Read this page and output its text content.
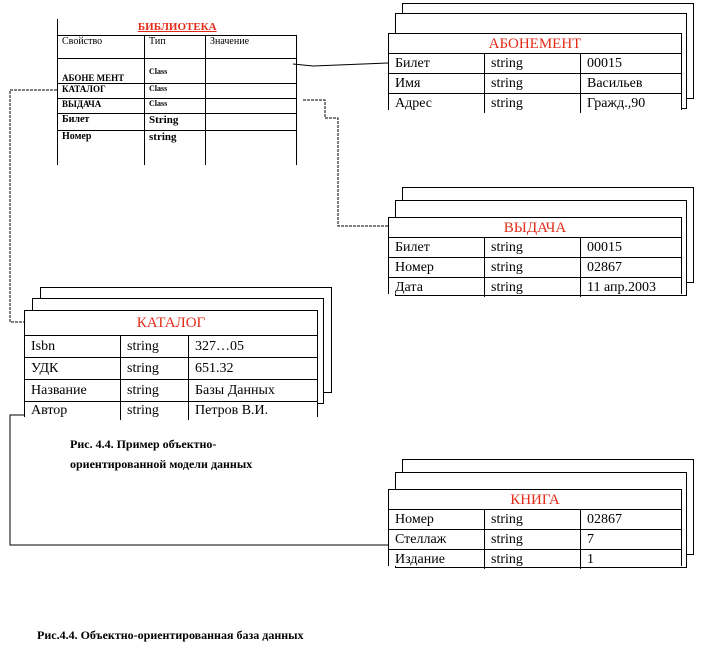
БИБЛИОТЕКА		
Свойство	Тип	Значение
АБОНЕ МЕНТ	Class	
КАТАЛОГ	Class	
ВЫДАЧА	Class	
Билет	String	
Номер	string	
АБОНЕМЕНТ
Билет	string	00015
Имя	string	Васильев
Адрес	string	Гражд.,90
ВЫДАЧА
Билет	string	00015
Номер	string	02867
Дата	string	11 апр.2003
КАТАЛОГ
Isbn	string	327…05
УДК	string	651.32
Название	string	Базы Данных
Автор	string	Петров В.И.
КНИГА
Номер	string	02867
Стеллаж	string	7
Издание	string	1
Рис. 4.4. Пример объектно-ориентированной модели данных
Рис.4.4. Объектно-ориентированная база данных
